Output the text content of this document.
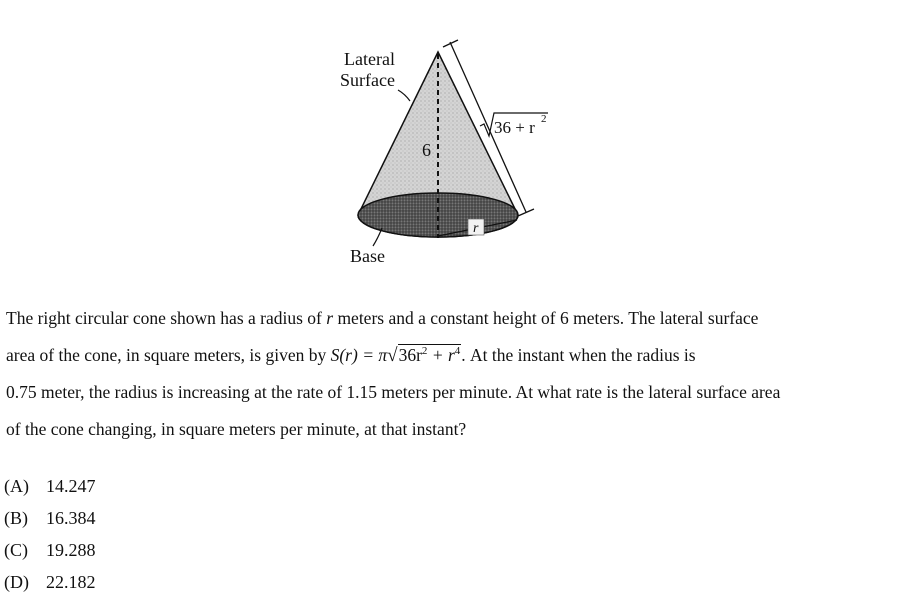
r
6
36 + r 2
Lateral
Surface
Base
The right circular cone shown has a radius of r meters and a constant height of 6 meters. The lateral surface
area of the cone, in square meters, is given by $S(r) = \pi√36r^2 + r^4$. At the instant when the radius is
0.75 meter, the radius is increasing at the rate of 1.15 meters per minute. At what rate is the lateral surface area
of the cone changing, in square meters per minute, at that instant?
(A) 14.247
(B) 16.384
(C) 19.288
(D) 22.182
